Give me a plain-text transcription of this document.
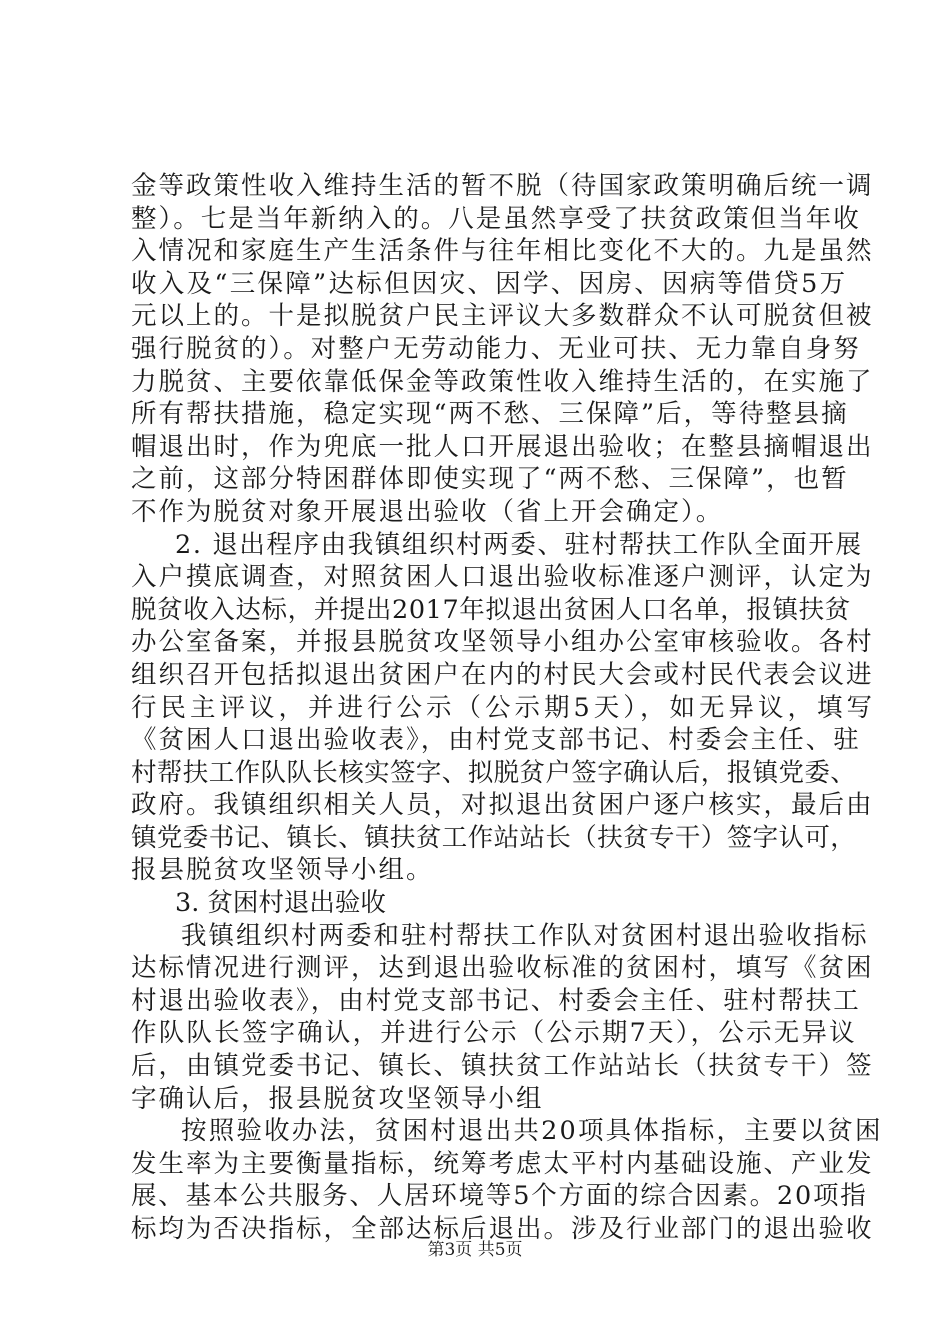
金等政策性收入维持生活的暂不脱（待国家政策明确后统一调
整）。七是当年新纳入的。八是虽然享受了扶贫政策但当年收
入情况和家庭生产生活条件与往年相比变化不大的。九是虽然
收入及“三保障”达标但因灾、因学、因房、因病等借贷5万
元以上的。十是拟脱贫户民主评议大多数群众不认可脱贫但被
强行脱贫的）。对整户无劳动能力、无业可扶、无力靠自身努
力脱贫、主要依靠低保金等政策性收入维持生活的，在实施了
所有帮扶措施，稳定实现“两不愁、三保障”后，等待整县摘
帽退出时，作为兜底一批人口开展退出验收；在整县摘帽退出
之前，这部分特困群体即使实现了“两不愁、三保障”，也暂
不作为脱贫对象开展退出验收（省上开会确定）。
2. 退出程序由我镇组织村两委、驻村帮扶工作队全面开展
入户摸底调查，对照贫困人口退出验收标准逐户测评，认定为
脱贫收入达标，并提出2017年拟退出贫困人口名单，报镇扶贫
办公室备案，并报县脱贫攻坚领导小组办公室审核验收。各村
组织召开包括拟退出贫困户在内的村民大会或村民代表会议进
行民主评议，并进行公示（公示期5天），如无异议，填写
《贫困人口退出验收表》，由村党支部书记、村委会主任、驻
村帮扶工作队队长核实签字、拟脱贫户签字确认后，报镇党委、
政府。我镇组织相关人员，对拟退出贫困户逐户核实，最后由
镇党委书记、镇长、镇扶贫工作站站长（扶贫专干）签字认可，
报县脱贫攻坚领导小组。
3. 贫困村退出验收
我镇组织村两委和驻村帮扶工作队对贫困村退出验收指标
达标情况进行测评，达到退出验收标准的贫困村，填写《贫困
村退出验收表》，由村党支部书记、村委会主任、驻村帮扶工
作队队长签字确认，并进行公示（公示期7天），公示无异议
后，由镇党委书记、镇长、镇扶贫工作站站长（扶贫专干）签
字确认后，报县脱贫攻坚领导小组
按照验收办法，贫困村退出共20项具体指标，主要以贫困
发生率为主要衡量指标，统筹考虑太平村内基础设施、产业发
展、基本公共服务、人居环境等5个方面的综合因素。20项指
标均为否决指标，全部达标后退出。涉及行业部门的退出验收
第3页 共5页
